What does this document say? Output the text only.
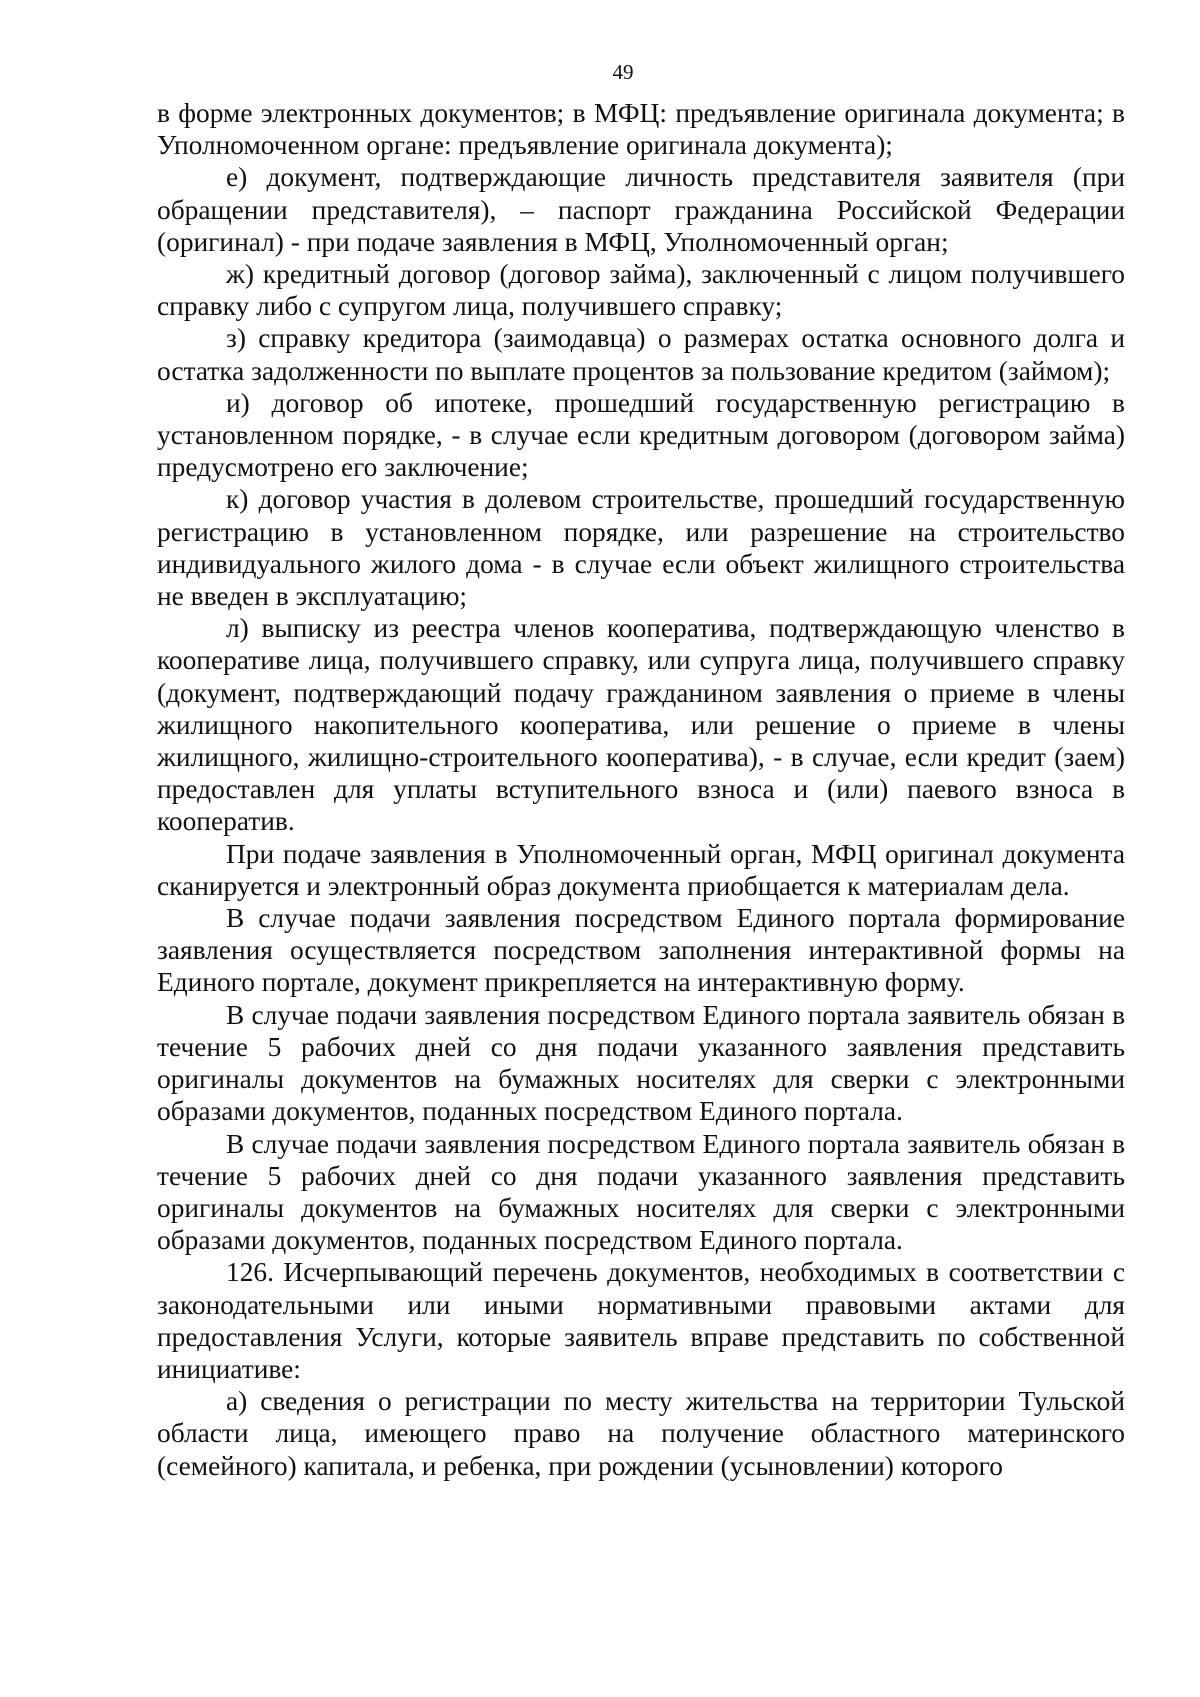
49

в форме электронных документов; в МФЦ: предъявление оригинала документа; в Уполномоченном органе: предъявление оригинала документа);

е) документ, подтверждающие личность представителя заявителя (при обращении представителя), – паспорт гражданина Российской Федерации (оригинал) - при подаче заявления в МФЦ, Уполномоченный орган;

ж) кредитный договор (договор займа), заключенный с лицом получившего справку либо с супругом лица, получившего справку;

з) справку кредитора (заимодавца) о размерах остатка основного долга и остатка задолженности по выплате процентов за пользование кредитом (займом);

и) договор об ипотеке, прошедший государственную регистрацию в установленном порядке, - в случае если кредитным договором (договором займа) предусмотрено его заключение;

к) договор участия в долевом строительстве, прошедший государственную регистрацию в установленном порядке, или разрешение на строительство индивидуального жилого дома - в случае если объект жилищного строительства не введен в эксплуатацию;

л) выписку из реестра членов кооператива, подтверждающую членство в кооперативе лица, получившего справку, или супруга лица, получившего справку (документ, подтверждающий подачу гражданином заявления о приеме в члены жилищного накопительного кооператива, или решение о приеме в члены жилищного, жилищно-строительного кооператива), - в случае, если кредит (заем) предоставлен для уплаты вступительного взноса и (или) паевого взноса в кооператив.

При подаче заявления в Уполномоченный орган, МФЦ оригинал документа сканируется и электронный образ документа приобщается к материалам дела.

В случае подачи заявления посредством Единого портала формирование заявления осуществляется посредством заполнения интерактивной формы на Единого портале, документ прикрепляется на интерактивную форму.

В случае подачи заявления посредством Единого портала заявитель обязан в течение 5 рабочих дней со дня подачи указанного заявления представить оригиналы документов на бумажных носителях для сверки с электронными образами документов, поданных посредством Единого портала.

В случае подачи заявления посредством Единого портала заявитель обязан в течение 5 рабочих дней со дня подачи указанного заявления представить оригиналы документов на бумажных носителях для сверки с электронными образами документов, поданных посредством Единого портала.

126. Исчерпывающий перечень документов, необходимых в соответствии с законодательными или иными нормативными правовыми актами для предоставления Услуги, которые заявитель вправе представить по собственной инициативе:

а) сведения о регистрации по месту жительства на территории Тульской области лица, имеющего право на получение областного материнского (семейного) капитала, и ребенка, при рождении (усыновлении) которого
